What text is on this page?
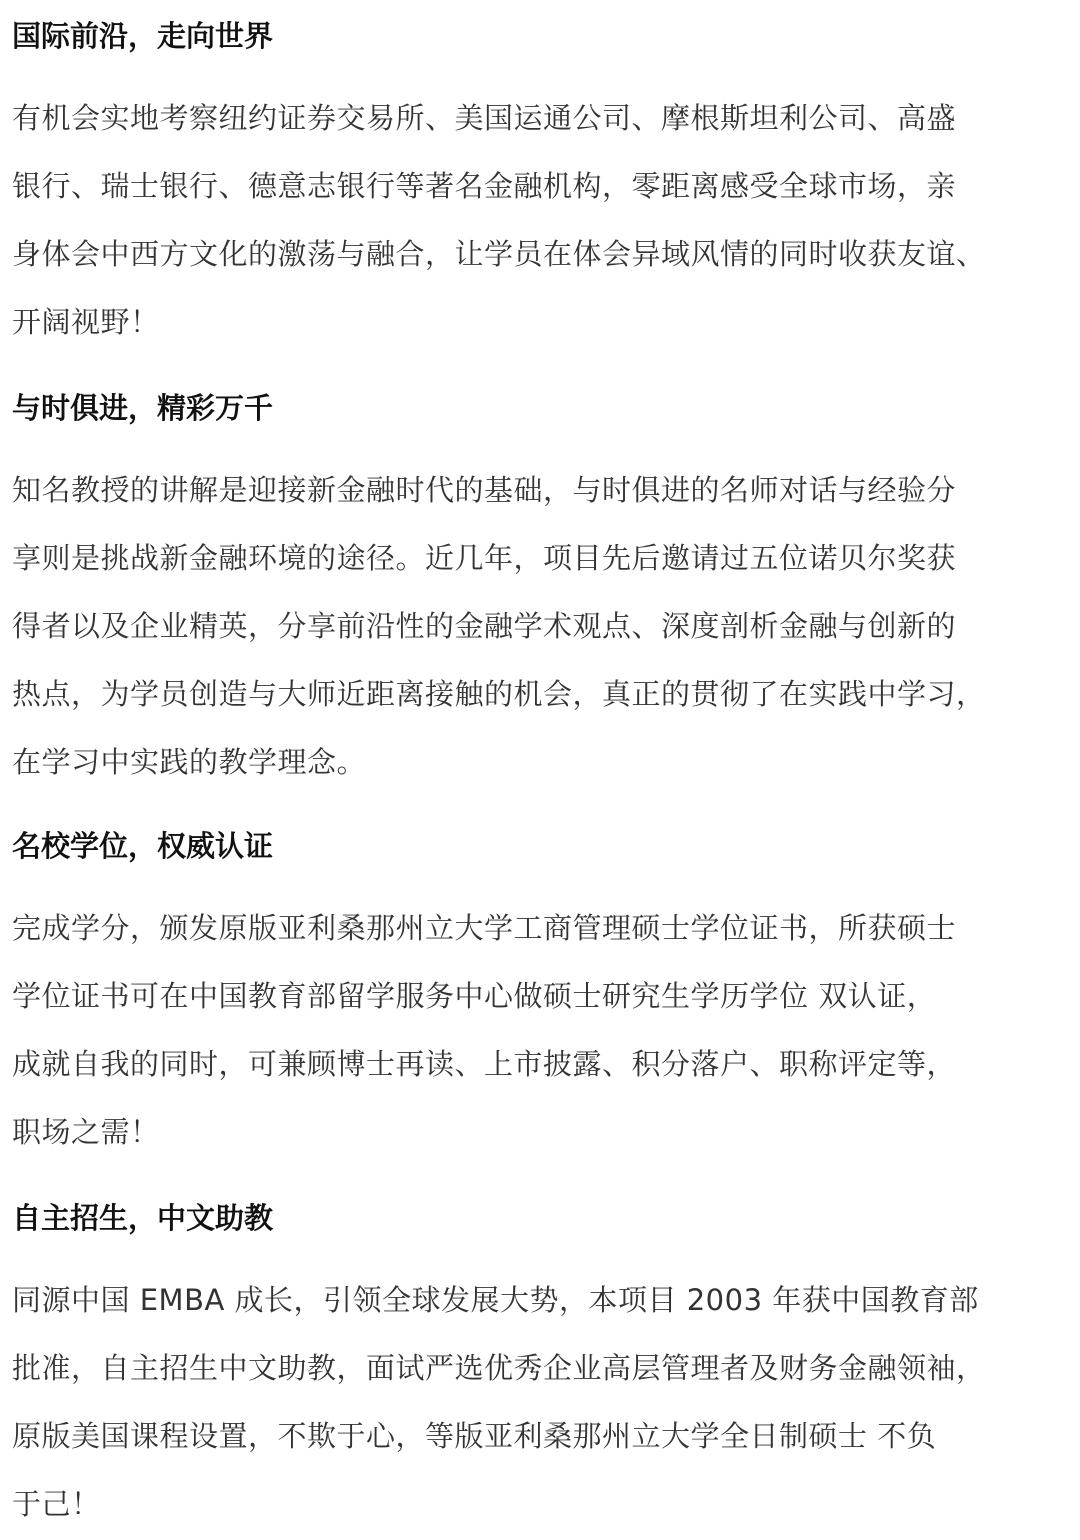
国际前沿，走向世界

有机会实地考察纽约证券交易所、美国运通公司、摩根斯坦利公司、高盛
银行、瑞士银行、德意志银行等著名金融机构，零距离感受全球市场，亲
身体会中西方文化的激荡与融合，让学员在体会异域风情的同时收获友谊、
开阔视野！

与时俱进，精彩万千

知名教授的讲解是迎接新金融时代的基础，与时俱进的名师对话与经验分
享则是挑战新金融环境的途径。近几年，项目先后邀请过五位诺贝尔奖获
得者以及企业精英，分享前沿性的金融学术观点、深度剖析金融与创新的
热点，为学员创造与大师近距离接触的机会，真正的贯彻了在实践中学习，
在学习中实践的教学理念。

名校学位，权威认证

完成学分，颁发原版亚利桑那州立大学工商管理硕士学位证书，所获硕士
学位证书可在中国教育部留学服务中心做硕士研究生学历学位 双认证，
成就自我的同时，可兼顾博士再读、上市披露、积分落户、职称评定等，
职场之需！

自主招生，中文助教

同源中国 EMBA 成长，引领全球发展大势，本项目 2003 年获中国教育部
批准，自主招生中文助教，面试严选优秀企业高层管理者及财务金融领袖，
原版美国课程设置，不欺于心，等版亚利桑那州立大学全日制硕士 不负
于己！
